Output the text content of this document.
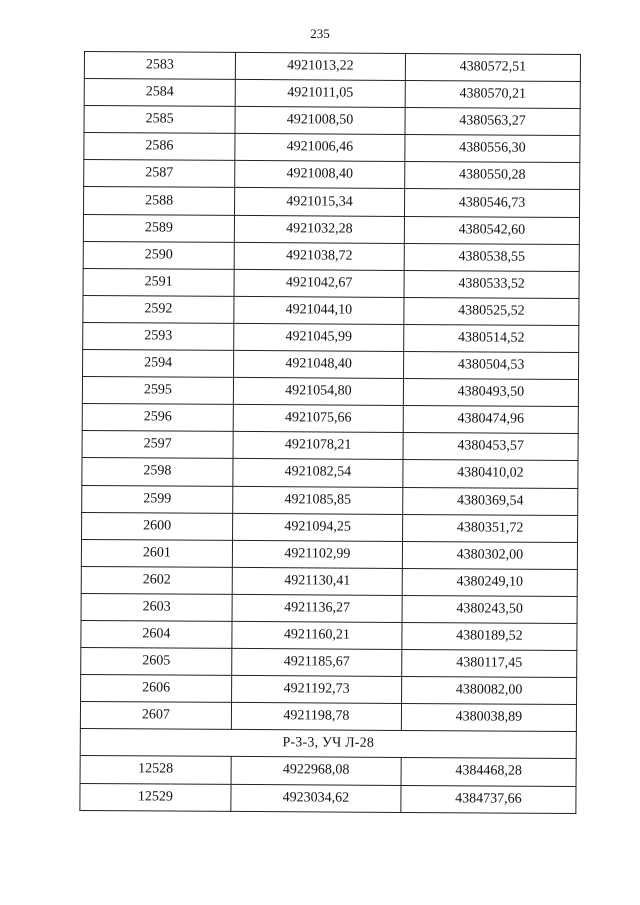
235
2583	4921013,22	4380572,51
2584	4921011,05	4380570,21
2585	4921008,50	4380563,27
2586	4921006,46	4380556,30
2587	4921008,40	4380550,28
2588	4921015,34	4380546,73
2589	4921032,28	4380542,60
2590	4921038,72	4380538,55
2591	4921042,67	4380533,52
2592	4921044,10	4380525,52
2593	4921045,99	4380514,52
2594	4921048,40	4380504,53
2595	4921054,80	4380493,50
2596	4921075,66	4380474,96
2597	4921078,21	4380453,57
2598	4921082,54	4380410,02
2599	4921085,85	4380369,54
2600	4921094,25	4380351,72
2601	4921102,99	4380302,00
2602	4921130,41	4380249,10
2603	4921136,27	4380243,50
2604	4921160,21	4380189,52
2605	4921185,67	4380117,45
2606	4921192,73	4380082,00
2607	4921198,78	4380038,89
Р-3-3, УЧ Л-28		
12528	4922968,08	4384468,28
12529	4923034,62	4384737,66
